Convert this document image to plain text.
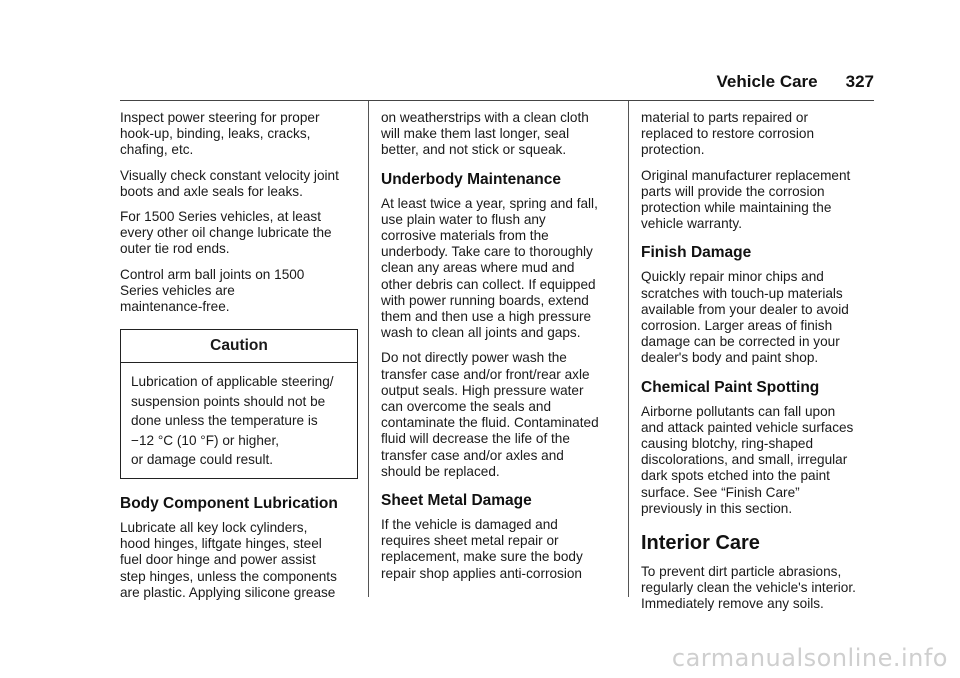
Vehicle Care 327

Inspect power steering for proper
hook-up, binding, leaks, cracks,
chafing, etc.

Visually check constant velocity joint
boots and axle seals for leaks.

For 1500 Series vehicles, at least
every other oil change lubricate the
outer tie rod ends.

Control arm ball joints on 1500
Series vehicles are
maintenance-free.

Caution
Lubrication of applicable steering/
suspension points should not be
done unless the temperature is
−12 °C (10 °F) or higher,
or damage could result.
Body Component Lubrication

Lubricate all key lock cylinders,
hood hinges, liftgate hinges, steel
fuel door hinge and power assist
step hinges, unless the components
are plastic. Applying silicone grease

on weatherstrips with a clean cloth
will make them last longer, seal
better, and not stick or squeak.

Underbody Maintenance

At least twice a year, spring and fall,
use plain water to flush any
corrosive materials from the
underbody. Take care to thoroughly
clean any areas where mud and
other debris can collect. If equipped
with power running boards, extend
them and then use a high pressure
wash to clean all joints and gaps.

Do not directly power wash the
transfer case and/or front/rear axle
output seals. High pressure water
can overcome the seals and
contaminate the fluid. Contaminated
fluid will decrease the life of the
transfer case and/or axles and
should be replaced.

Sheet Metal Damage

If the vehicle is damaged and
requires sheet metal repair or
replacement, make sure the body
repair shop applies anti-corrosion

material to parts repaired or
replaced to restore corrosion
protection.

Original manufacturer replacement
parts will provide the corrosion
protection while maintaining the
vehicle warranty.

Finish Damage

Quickly repair minor chips and
scratches with touch-up materials
available from your dealer to avoid
corrosion. Larger areas of finish
damage can be corrected in your
dealer's body and paint shop.

Chemical Paint Spotting

Airborne pollutants can fall upon
and attack painted vehicle surfaces
causing blotchy, ring-shaped
discolorations, and small, irregular
dark spots etched into the paint
surface. See “Finish Care”
previously in this section.

Interior Care

To prevent dirt particle abrasions,
regularly clean the vehicle's interior.
Immediately remove any soils.

carmanualsonline.info
